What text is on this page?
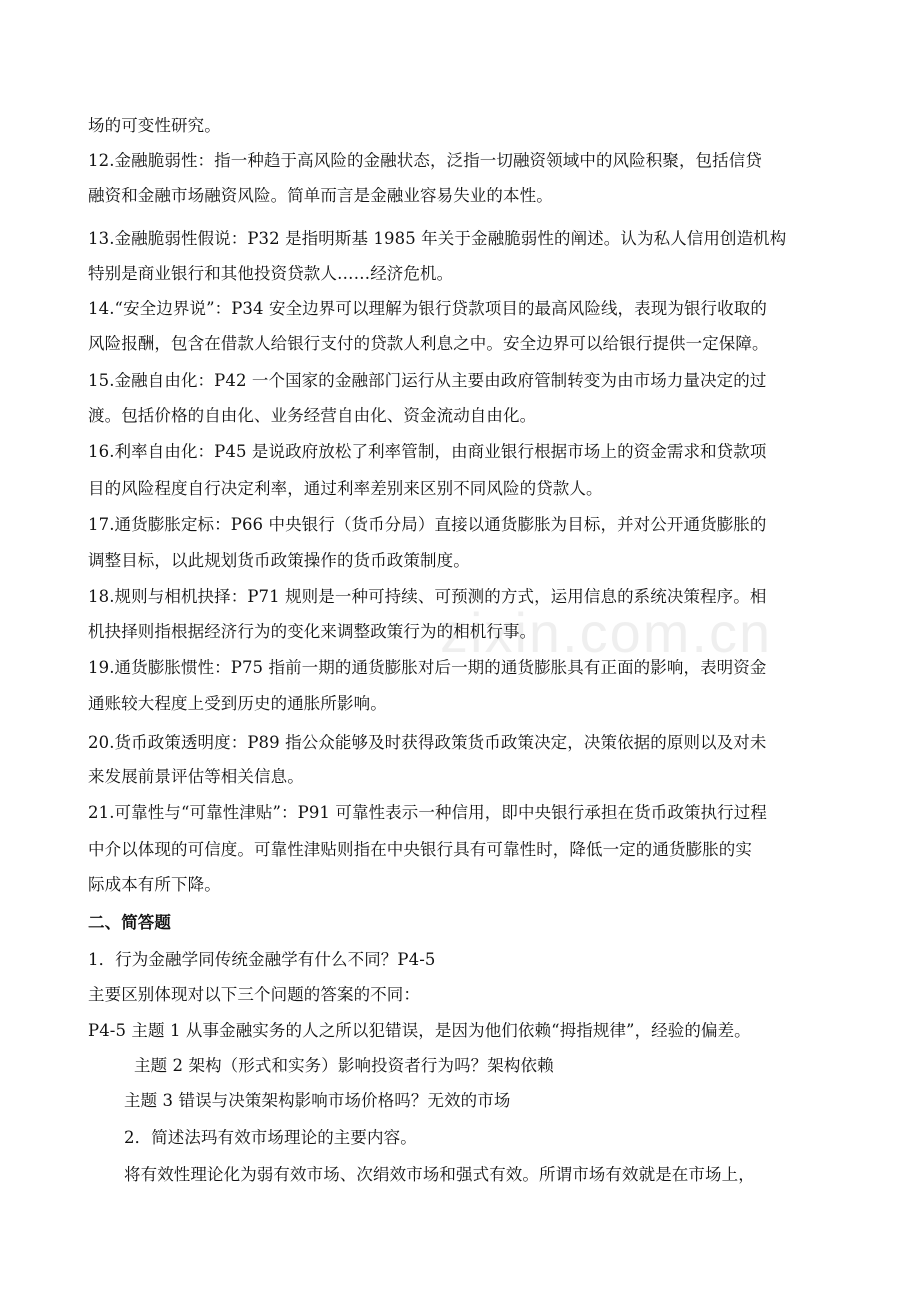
场的可变性研究。
12.金融脆弱性：指一种趋于高风险的金融状态，泛指一切融资领域中的风险积聚，包括信贷
融资和金融市场融资风险。简单而言是金融业容易失业的本性。
13.金融脆弱性假说：P32 是指明斯基 1985 年关于金融脆弱性的阐述。认为私人信用创造机构
特别是商业银行和其他投资贷款人……经济危机。
14.“安全边界说”：P34 安全边界可以理解为银行贷款项目的最高风险线，表现为银行收取的
风险报酬，包含在借款人给银行支付的贷款人利息之中。安全边界可以给银行提供一定保障。
15.金融自由化：P42 一个国家的金融部门运行从主要由政府管制转变为由市场力量决定的过
渡。包括价格的自由化、业务经营自由化、资金流动自由化。
16.利率自由化：P45 是说政府放松了利率管制，由商业银行根据市场上的资金需求和贷款项
目的风险程度自行决定利率，通过利率差别来区别不同风险的贷款人。
17.通货膨胀定标：P66 中央银行（货币分局）直接以通货膨胀为目标，并对公开通货膨胀的
调整目标，以此规划货币政策操作的货币政策制度。
18.规则与相机抉择：P71 规则是一种可持续、可预测的方式，运用信息的系统决策程序。相
机抉择则指根据经济行为的变化来调整政策行为的相机行事。
19.通货膨胀惯性：P75 指前一期的通货膨胀对后一期的通货膨胀具有正面的影响，表明资金
通账较大程度上受到历史的通胀所影响。
20.货币政策透明度：P89 指公众能够及时获得政策货币政策决定，决策依据的原则以及对未
来发展前景评估等相关信息。
21.可靠性与“可靠性津贴”：P91 可靠性表示一种信用，即中央银行承担在货币政策执行过程
中介以体现的可信度。可靠性津贴则指在中央银行具有可靠性时，降低一定的通货膨胀的实
际成本有所下降。
二、简答题
1．行为金融学同传统金融学有什么不同？P4-5
主要区别体现对以下三个问题的答案的不同：
P4-5 主题 1 从事金融实务的人之所以犯错误，是因为他们依赖“拇指规律”，经验的偏差。
主题 2 架构（形式和实务）影响投资者行为吗？架构依赖
主题 3 错误与决策架构影响市场价格吗？无效的市场
2．简述法玛有效市场理论的主要内容。
将有效性理论化为弱有效市场、次绢效市场和强式有效。所谓市场有效就是在市场上，
zixin.com.cn
